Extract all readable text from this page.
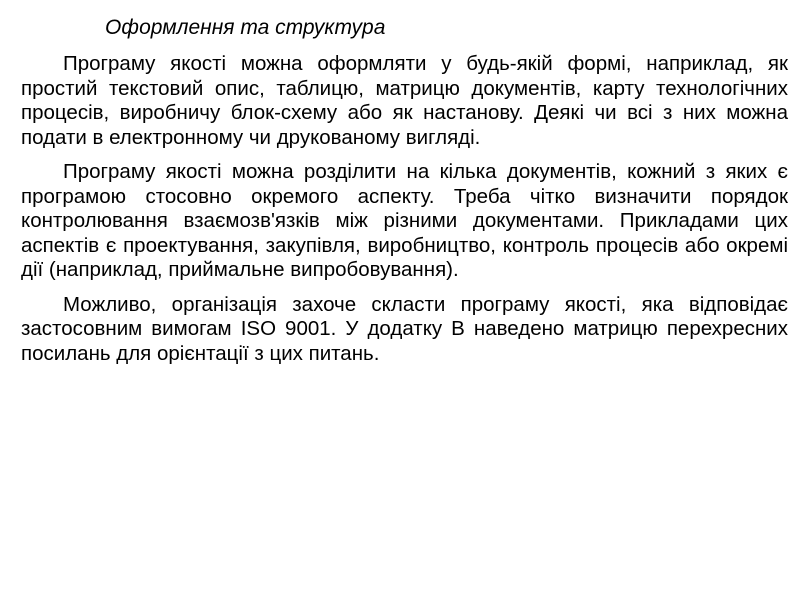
Оформлення та структура

Програму якості можна оформляти у будь-якій формі, наприклад, як простий текстовий опис, таблицю, матрицю документів, карту технологічних процесів, виробничу блок-схему або як настанову. Деякі чи всі з них можна подати в електронному чи друкованому вигляді.

Програму якості можна розділити на кілька документів, кожний з яких є програмою стосовно окремого аспекту. Треба чітко визначити порядок контролювання взаємозв'язків між різними документами. Прикладами цих аспектів є проектування, закупівля, виробництво, контроль процесів або окремі дії (наприклад, приймальне випробовування).

Можливо, організація захоче скласти програму якості, яка відповідає застосовним вимогам ISO 9001. У додатку В наведено матрицю перехресних посилань для орієнтації з цих питань.
